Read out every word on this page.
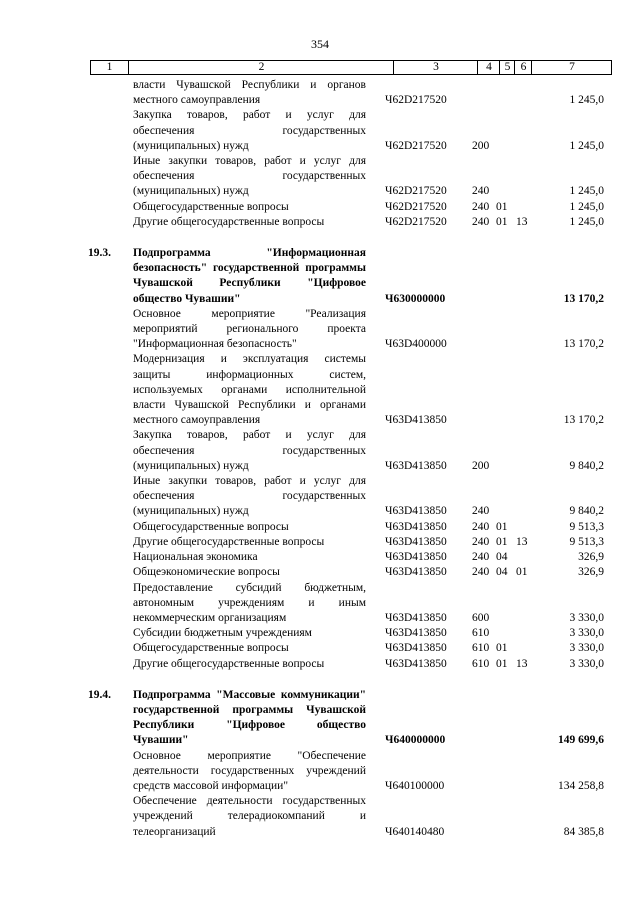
354
1	2	3	4	5 6	7
власти Чувашской Республики и органов местного самоуправления	Ч62D217520	1 245,0
Закупка товаров, работ и услуг для обеспечения государственных (муниципальных) нужд	Ч62D217520	200	1 245,0
Иные закупки товаров, работ и услуг для обеспечения государственных (муниципальных) нужд	Ч62D217520	240	1 245,0
Общегосударственные вопросы	Ч62D217520	240 01	1 245,0
Другие общегосударственные вопросы	Ч62D217520	240 01 13	1 245,0
19.3.	Подпрограмма "Информационная безопасность" государственной программы Чувашской Республики "Цифровое общество Чувашии"	Ч630000000	13 170,2
Основное мероприятие "Реализация мероприятий регионального проекта "Информационная безопасность"	Ч63D400000	13 170,2
Модернизация и эксплуатация системы защиты информационных систем, используемых органами исполнительной власти Чувашской Республики и органами местного самоуправления	Ч63D413850	13 170,2
Закупка товаров, работ и услуг для обеспечения государственных (муниципальных) нужд	Ч63D413850	200	9 840,2
Иные закупки товаров, работ и услуг для обеспечения государственных (муниципальных) нужд	Ч63D413850	240	9 840,2
Общегосударственные вопросы	Ч63D413850	240 01	9 513,3
Другие общегосударственные вопросы	Ч63D413850	240 01 13	9 513,3
Национальная экономика	Ч63D413850	240 04	326,9
Общеэкономические вопросы	Ч63D413850	240 04 01	326,9
Предоставление субсидий бюджетным, автономным учреждениям и иным некоммерческим организациям	Ч63D413850	600	3 330,0
Субсидии бюджетным учреждениям	Ч63D413850	610	3 330,0
Общегосударственные вопросы	Ч63D413850	610 01	3 330,0
Другие общегосударственные вопросы	Ч63D413850	610 01 13	3 330,0
19.4.	Подпрограмма "Массовые коммуникации" государственной программы Чувашской Республики "Цифровое общество Чувашии"	Ч640000000	149 699,6
Основное мероприятие "Обеспечение деятельности государственных учреждений средств массовой информации"	Ч640100000	134 258,8
Обеспечение деятельности государственных учреждений телерадиокомпаний и телеорганизаций	Ч640140480	84 385,8
